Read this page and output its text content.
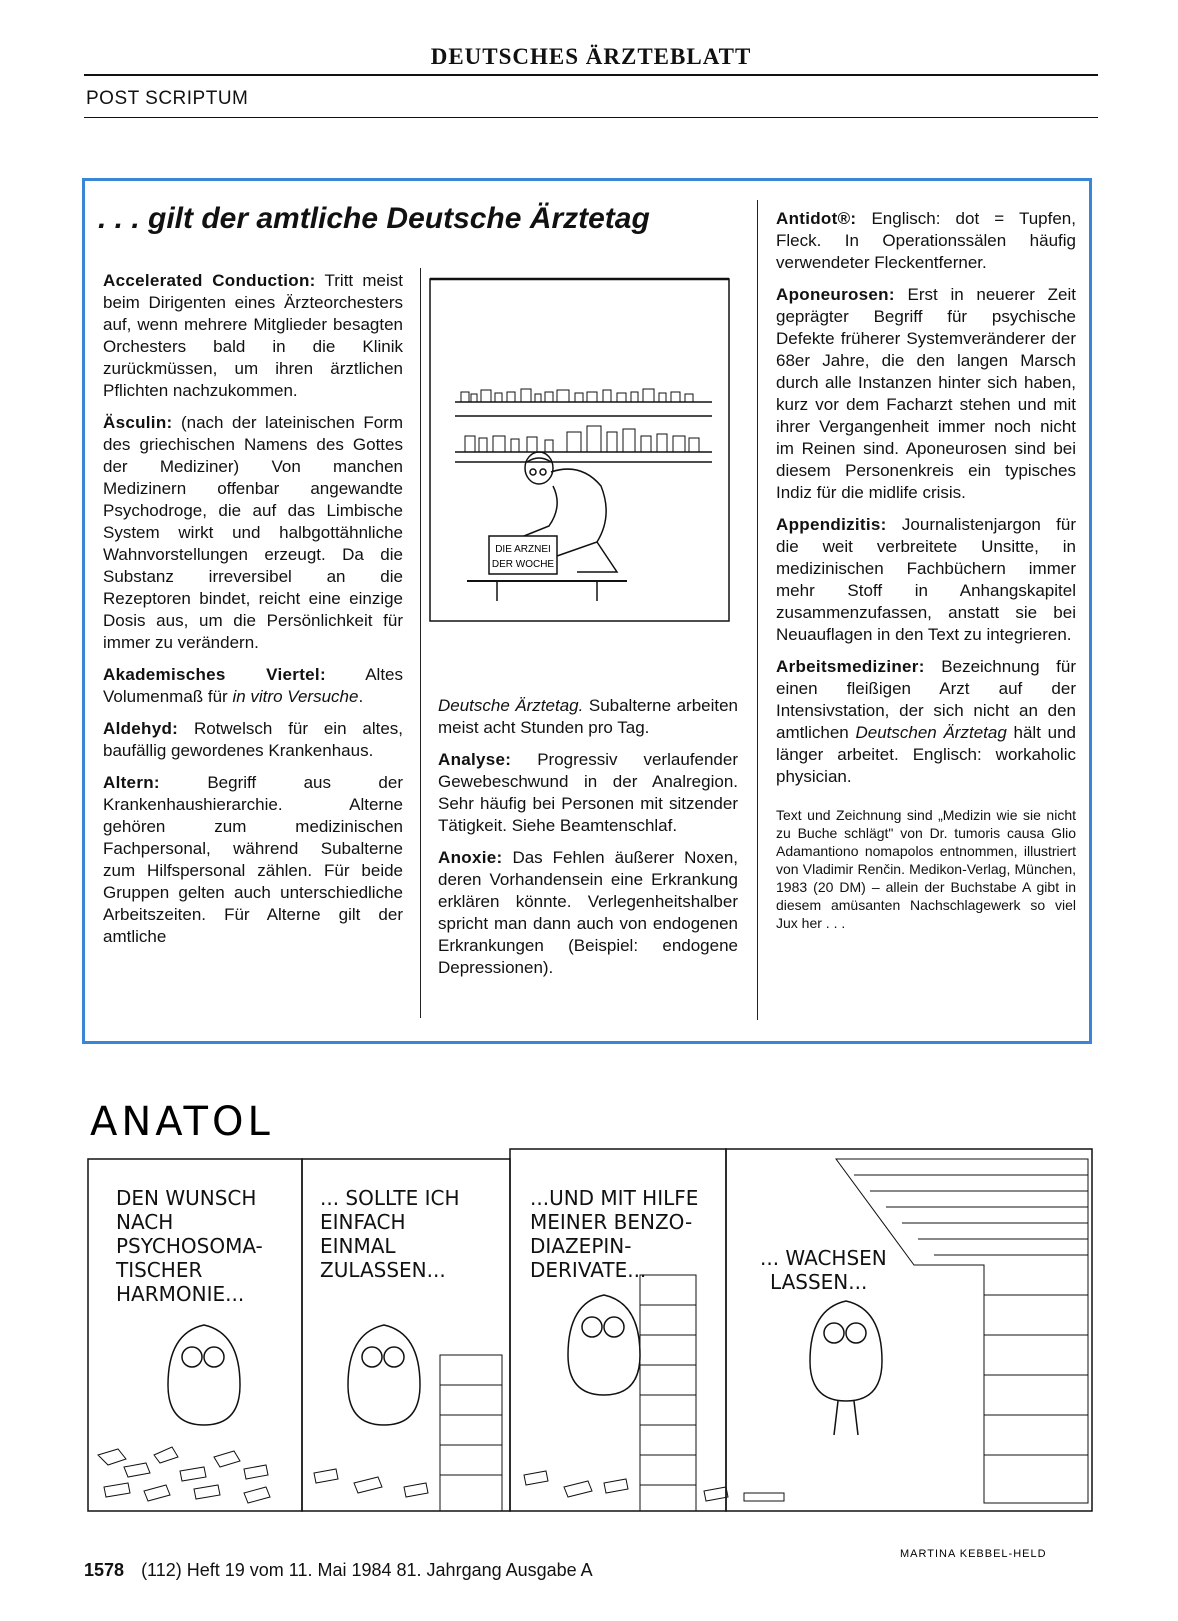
DEUTSCHES ÄRZTEBLATT
POST SCRIPTUM
. . . gilt der amtliche Deutsche Ärztetag

Accelerated Conduction: Tritt meist beim Dirigenten eines Ärzteorchesters auf, wenn mehrere Mitglieder besagten Orchesters bald in die Klinik zurückmüssen, um ihren ärztlichen Pflichten nachzukommen.

Äsculin: (nach der lateinischen Form des griechischen Namens des Gottes der Mediziner) Von manchen Medizinern offenbar angewandte Psychodroge, die auf das Limbische System wirkt und halbgottähnliche Wahnvorstellungen erzeugt. Da die Substanz irreversibel an die Rezeptoren bindet, reicht eine einzige Dosis aus, um die Persönlichkeit für immer zu verändern.

Akademisches Viertel: Altes Volumenmaß für in vitro Versuche.

Aldehyd: Rotwelsch für ein altes, baufällig gewordenes Krankenhaus.

Altern: Begriff aus der Krankenhaushierarchie. Alterne gehören zum medizinischen Fachpersonal, während Subalterne zum Hilfspersonal zählen. Für beide Gruppen gelten auch unterschiedliche Arbeitszeiten. Für Alterne gilt der amtliche

DIE ARZNEI
DER WOCHE

Deutsche Ärztetag. Subalterne arbeiten meist acht Stunden pro Tag.

Analyse: Progressiv verlaufender Gewebeschwund in der Analregion. Sehr häufig bei Personen mit sitzender Tätigkeit. Siehe Beamtenschlaf.

Anoxie: Das Fehlen äußerer Noxen, deren Vorhandensein eine Erkrankung erklären könnte. Verlegenheitshalber spricht man dann auch von endogenen Erkrankungen (Beispiel: endogene Depressionen).

Antidot®: Englisch: dot = Tupfen, Fleck. In Operationssälen häufig verwendeter Fleckentferner.

Aponeurosen: Erst in neuerer Zeit geprägter Begriff für psychische Defekte früherer Systemveränderer der 68er Jahre, die den langen Marsch durch alle Instanzen hinter sich haben, kurz vor dem Facharzt stehen und mit ihrer Vergangenheit immer noch nicht im Reinen sind. Aponeurosen sind bei diesem Personenkreis ein typisches Indiz für die midlife crisis.

Appendizitis: Journalistenjargon für die weit verbreitete Unsitte, in medizinischen Fachbüchern immer mehr Stoff in Anhangskapitel zusammenzufassen, anstatt sie bei Neuauflagen in den Text zu integrieren.

Arbeitsmediziner: Bezeichnung für einen fleißigen Arzt auf der Intensivstation, der sich nicht an den amtlichen Deutschen Ärztetag hält und länger arbeitet. Englisch: workaholic physician.

Text und Zeichnung sind „Medizin wie sie nicht zu Buche schlägt" von Dr. tumoris causa Glio Adamantiono nomapolos entnommen, illustriert von Vladimir Renčin. Medikon-Verlag, München, 1983 (20 DM) – allein der Buchstabe A gibt in diesem amüsanten Nachschlagewerk so viel Jux her . . .

ANATOL
DEN WUNSCH
NACH
PSYCHOSOMA-
TISCHER
HARMONIE...
... SOLLTE ICH
EINFACH
EINMAL
ZULASSEN...
...UND MIT HILFE
MEINER BENZO-
DIAZEPIN-
DERIVATE...	... WACHSEN
LASSEN...
MARTINA KEBBEL-HELD
1578 (112) Heft 19 vom 11. Mai 1984 81. Jahrgang Ausgabe A
